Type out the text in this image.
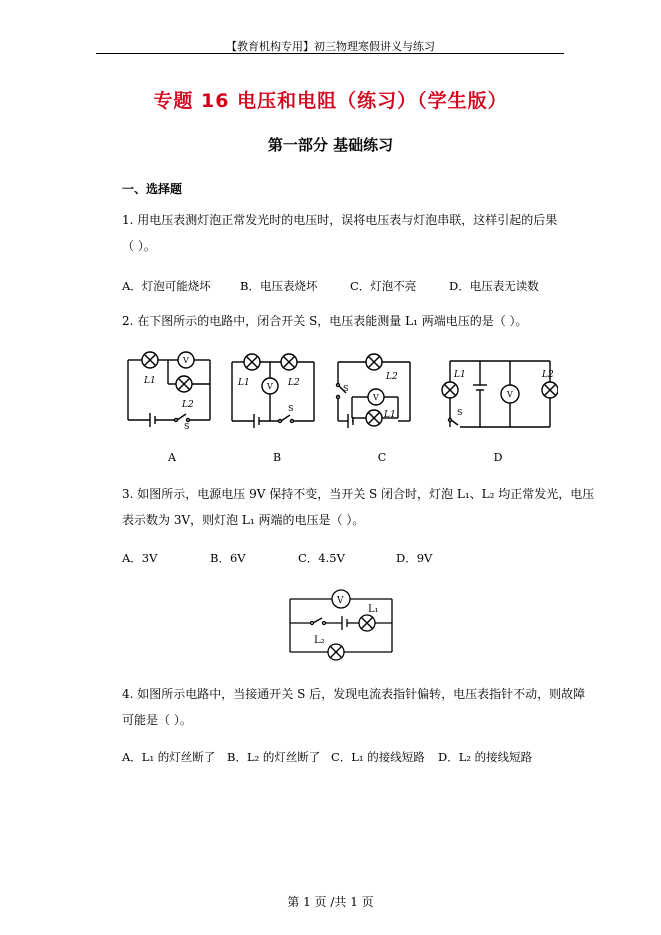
【教育机构专用】初三物理寒假讲义与练习
专题 16 电压和电阻（练习）（学生版）
第一部分 基础练习
一、选择题
1. 用电压表测灯泡正常发光时的电压时，误将电压表与灯泡串联，这样引起的后果
（ ）。
A．灯泡可能烧坏	B．电压表烧坏	C．灯泡不亮	D．电压表无读数
2. 在下图所示的电路中，闭合开关 S，电压表能测量 L₁ 两端电压的是（ ）。
L1
V
L2
S
L1 V L2
S
L2
S
V
L1
L1
S
V
L2
A	B	C	D
3. 如图所示，电源电压 9V 保持不变，当开关 S 闭合时，灯泡 L₁、L₂ 均正常发光，电压
表示数为 3V，则灯泡 L₁ 两端的电压是（ ）。
A．3V	B．6V	C．4.5V	D．9V
V
L₁
L₂
4. 如图所示电路中，当接通开关 S 后，发现电流表指针偏转，电压表指针不动，则故障
可能是（ ）。
A．L₁ 的灯丝断了 B．L₂ 的灯丝断了 C．L₁ 的接线短路 D．L₂ 的接线短路
第 1 页 /共 1 页
